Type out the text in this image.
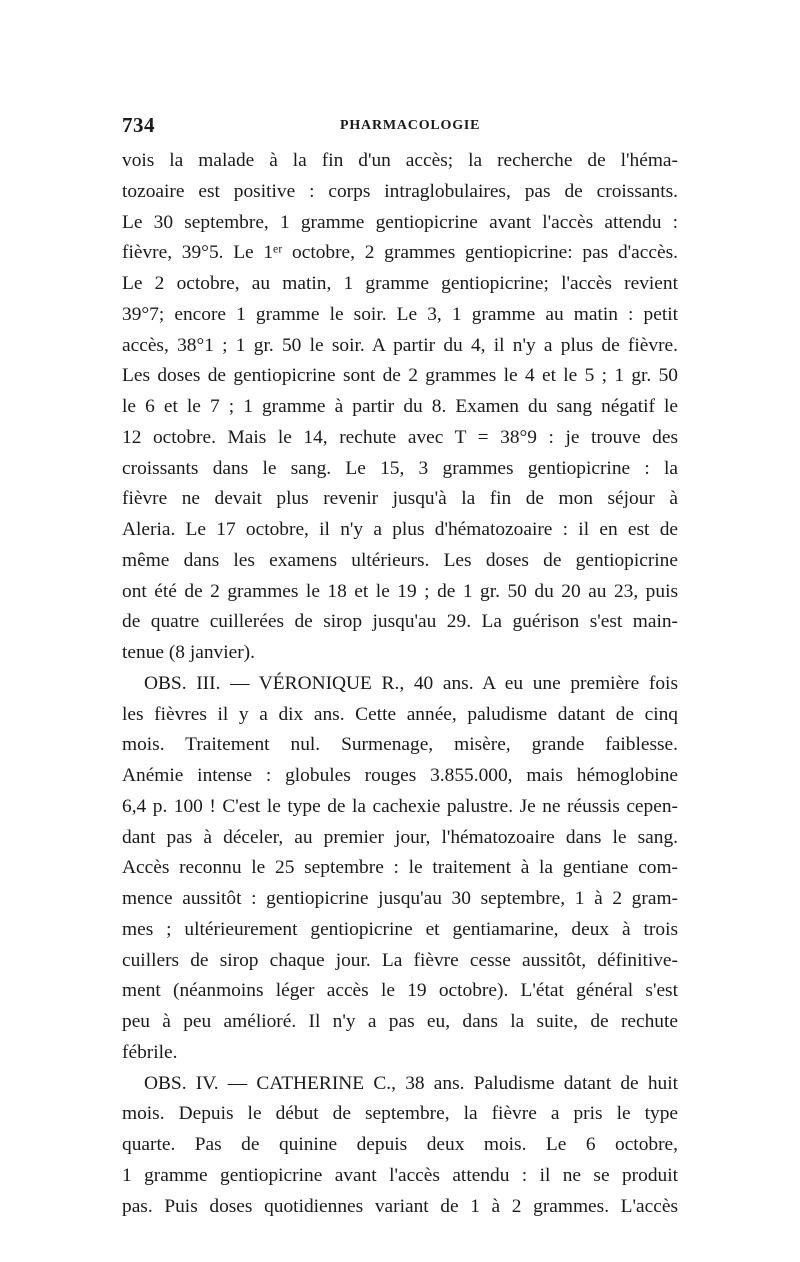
734	PHARMACOLOGIE
vois la malade à la fin d'un accès; la recherche de l'héma-
tozoaire est positive : corps intraglobulaires, pas de croissants.
Le 30 septembre, 1 gramme gentiopicrine avant l'accès attendu :
fièvre, 39°5. Le 1ᵉʳ octobre, 2 grammes gentiopicrine: pas d'accès.
Le 2 octobre, au matin, 1 gramme gentiopicrine; l'accès revient
39°7; encore 1 gramme le soir. Le 3, 1 gramme au matin : petit
accès, 38°1 ; 1 gr. 50 le soir. A partir du 4, il n'y a plus de fièvre.
Les doses de gentiopicrine sont de 2 grammes le 4 et le 5 ; 1 gr. 50
le 6 et le 7 ; 1 gramme à partir du 8. Examen du sang négatif le
12 octobre. Mais le 14, rechute avec T = 38°9 : je trouve des
croissants dans le sang. Le 15, 3 grammes gentiopicrine : la
fièvre ne devait plus revenir jusqu'à la fin de mon séjour à
Aleria. Le 17 octobre, il n'y a plus d'hématozoaire : il en est de
même dans les examens ultérieurs. Les doses de gentiopicrine
ont été de 2 grammes le 18 et le 19 ; de 1 gr. 50 du 20 au 23, puis
de quatre cuillerées de sirop jusqu'au 29. La guérison s'est main-
tenue (8 janvier).
OBS. III. — VÉRONIQUE R., 40 ans. A eu une première fois
les fièvres il y a dix ans. Cette année, paludisme datant de cinq
mois. Traitement nul. Surmenage, misère, grande faiblesse.
Anémie intense : globules rouges 3.855.000, mais hémoglobine
6,4 p. 100 ! C'est le type de la cachexie palustre. Je ne réussis cepen-
dant pas à déceler, au premier jour, l'hématozoaire dans le sang.
Accès reconnu le 25 septembre : le traitement à la gentiane com-
mence aussitôt : gentiopicrine jusqu'au 30 septembre, 1 à 2 gram-
mes ; ultérieurement gentiopicrine et gentiamarine, deux à trois
cuillers de sirop chaque jour. La fièvre cesse aussitôt, définitive-
ment (néanmoins léger accès le 19 octobre). L'état général s'est
peu à peu amélioré. Il n'y a pas eu, dans la suite, de rechute
fébrile.
OBS. IV. — CATHERINE C., 38 ans. Paludisme datant de huit
mois. Depuis le début de septembre, la fièvre a pris le type
quarte. Pas de quinine depuis deux mois. Le 6 octobre,
1 gramme gentiopicrine avant l'accès attendu : il ne se produit
pas. Puis doses quotidiennes variant de 1 à 2 grammes. L'accès
